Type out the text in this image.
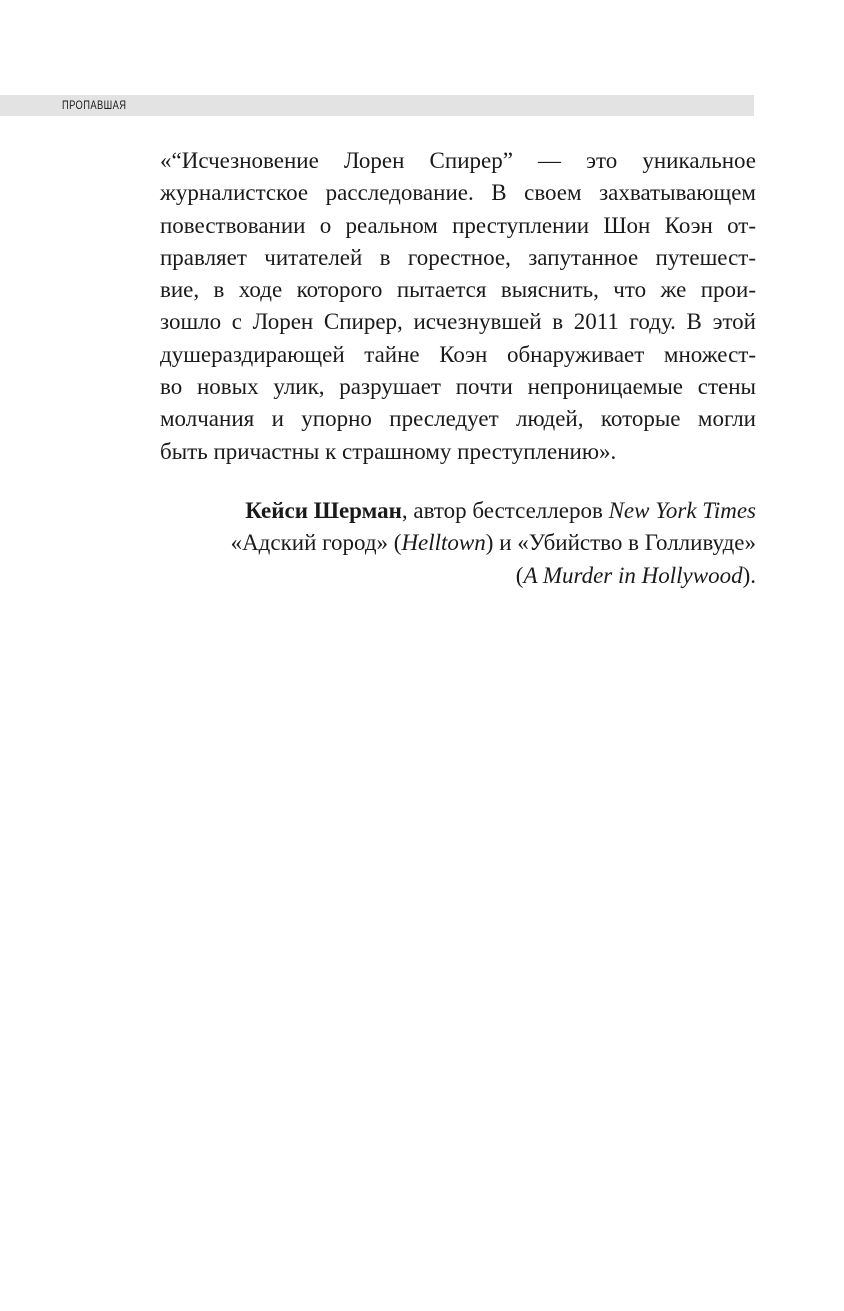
ПРОПАВШАЯ
«“Исчезновение Лорен Спирер” — это уникальное
журналистское расследование. В своем захватывающем
повествовании о реальном преступлении Шон Коэн от-
правляет читателей в горестное, запутанное путешест-
вие, в ходе которого пытается выяснить, что же прои-
зошло с Лорен Спирер, исчезнувшей в 2011 году. В этой
душераздирающей тайне Коэн обнаруживает множест-
во новых улик, разрушает почти непроницаемые стены
молчания и упорно преследует людей, которые могли
быть причастны к страшному преступлению».
Кейси Шерман, автор бестселлеров New York Times
«Адский город» (Helltown) и «Убийство в Голливуде»
(A Murder in Hollywood).
